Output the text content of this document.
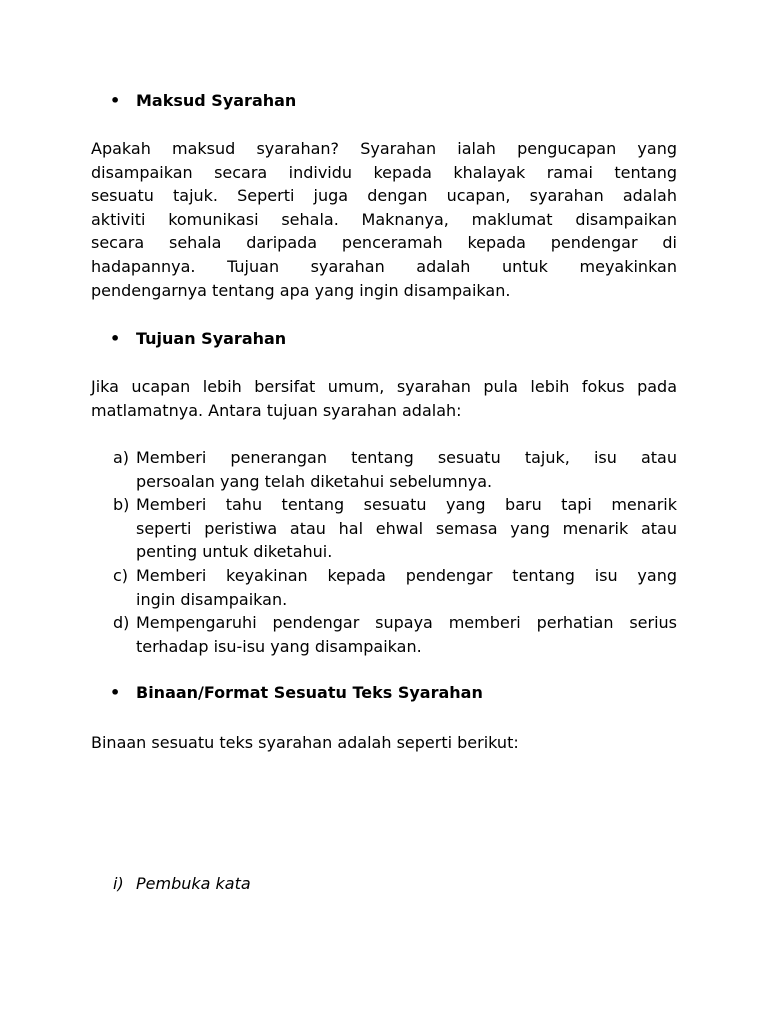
• Maksud Syarahan
Apakah maksud syarahan? Syarahan ialah pengucapan yang
disampaikan secara individu kepada khalayak ramai tentang
sesuatu tajuk. Seperti juga dengan ucapan, syarahan adalah
aktiviti komunikasi sehala. Maknanya, maklumat disampaikan
secara sehala daripada penceramah kepada pendengar di
hadapannya. Tujuan syarahan adalah untuk meyakinkan
pendengarnya tentang apa yang ingin disampaikan.
• Tujuan Syarahan
Jika ucapan lebih bersifat umum, syarahan pula lebih fokus pada
matlamatnya. Antara tujuan syarahan adalah:
a) Memberi penerangan tentang sesuatu tajuk, isu atau
persoalan yang telah diketahui sebelumnya.
b) Memberi tahu tentang sesuatu yang baru tapi menarik
seperti peristiwa atau hal ehwal semasa yang menarik atau
penting untuk diketahui.
c) Memberi keyakinan kepada pendengar tentang isu yang
ingin disampaikan.
d) Mempengaruhi pendengar supaya memberi perhatian serius
terhadap isu-isu yang disampaikan.
• Binaan/Format Sesuatu Teks Syarahan
Binaan sesuatu teks syarahan adalah seperti berikut:
i) Pembuka kata
